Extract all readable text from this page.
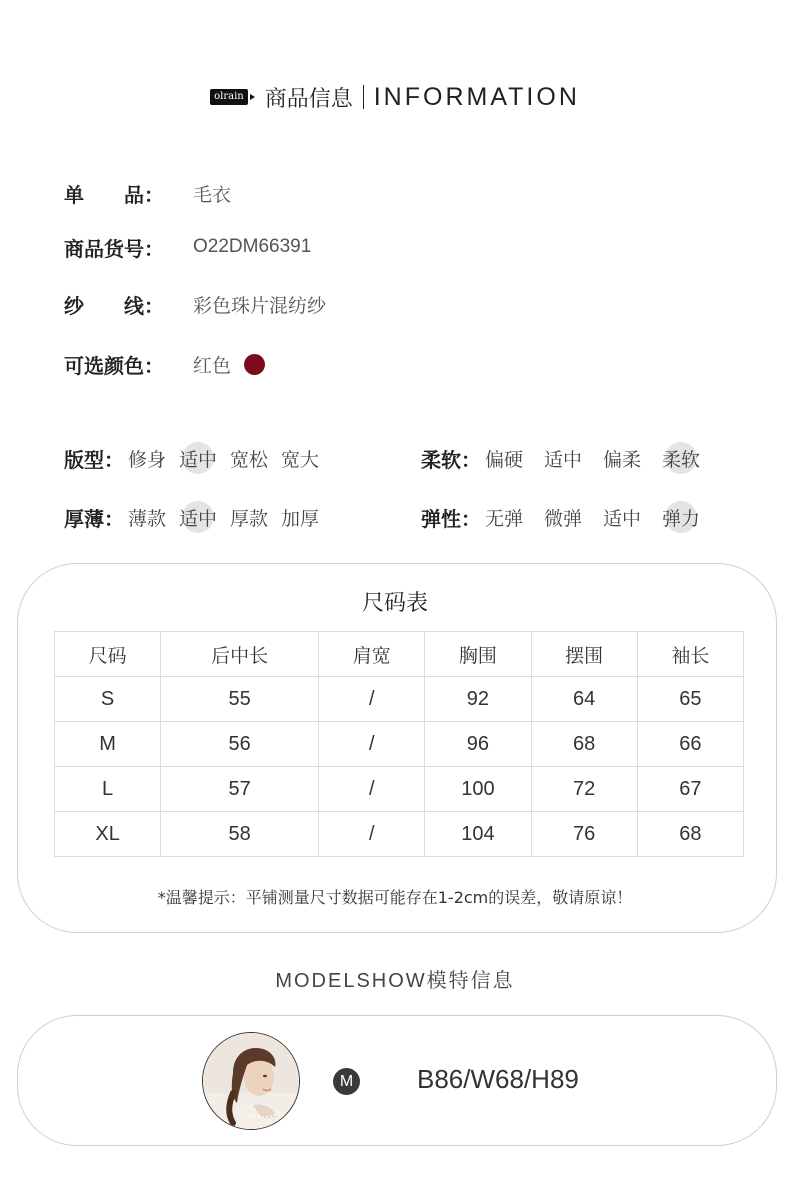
olrain 商品信息 INFORMATION
单 品： 毛衣
商品货号：	O22DM66391
纱 线： 彩色珠片混纺纱
可选颜色：	红色
版型： 修身 适中 宽松 宽大	柔软： 偏硬 适中 偏柔 柔软
厚薄： 薄款 适中 厚款 加厚	弹性： 无弹 微弹 适中 弹力
尺码表
尺码	后中长	肩宽	胸围	摆围	袖长
S	55	/	92	64	65
M	56	/	96	68	66
L	57	/	100	72	67
XL	58	/	104	76	68
*温馨提示：平铺测量尺寸数据可能存在1-2cm的误差，敬请原谅！
MODELSHOW模特信息
M B86/W68/H89
